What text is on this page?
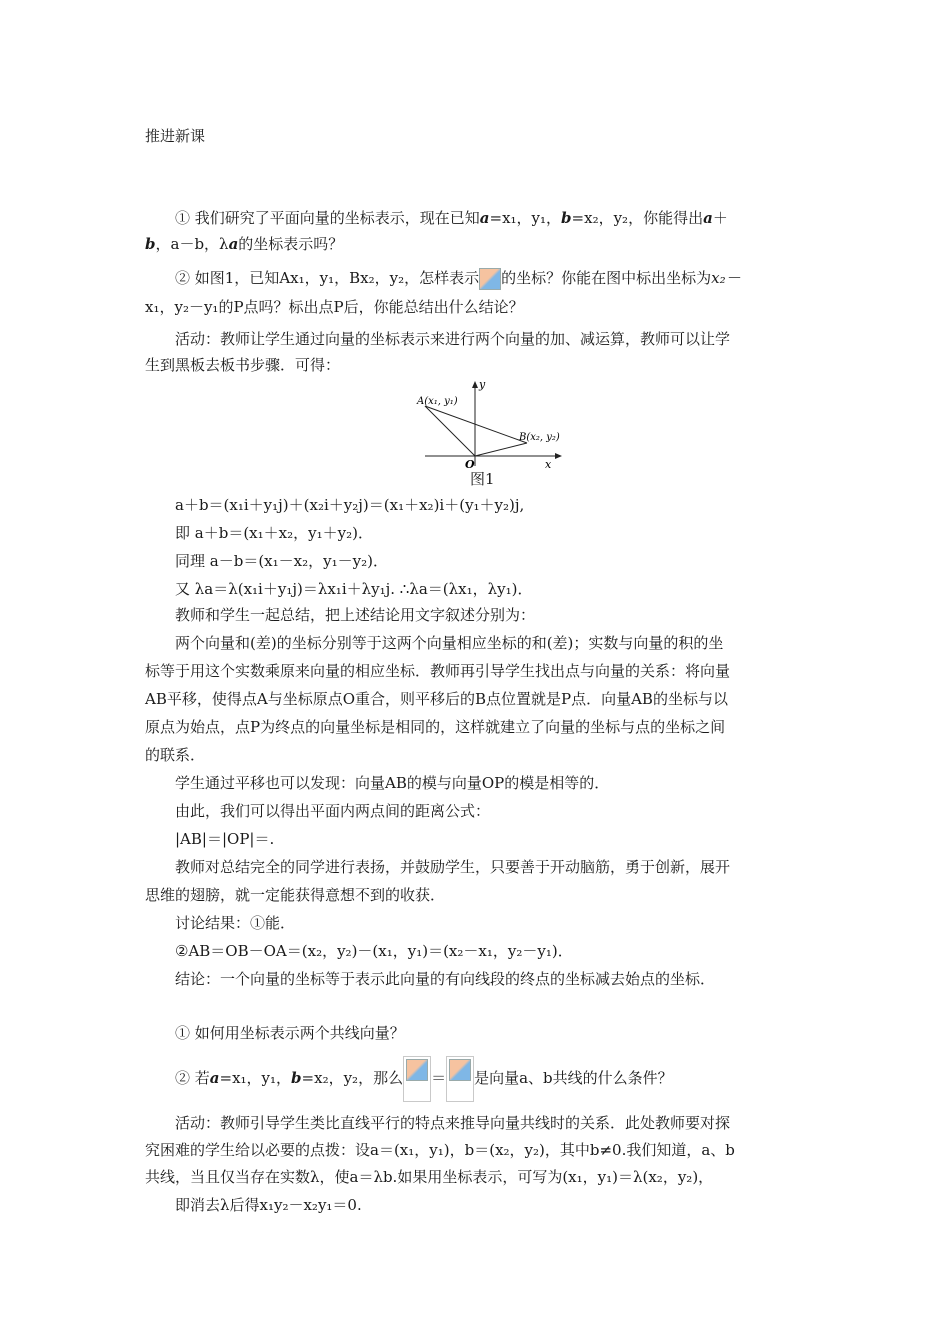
推进新课
① 我们研究了平面向量的坐标表示，现在已知a=x₁，y₁，b=x₂，y₂，你能得出a＋
b，a－b，λa的坐标表示吗？
② 如图1，已知Ax₁，y₁，Bx₂，y₂，怎样表示 的坐标？你能在图中标出坐标为x₂－
x₁，y₂－y₁的P点吗？标出点P后，你能总结出什么结论？
活动：教师让学生通过向量的坐标表示来进行两个向量的加、减运算，教师可以让学
生到黑板去板书步骤．可得：
A(x₁, y₁)
B(x₂, y₂)
O	x
y
图1
a＋b＝(x₁i＋y₁j)＋(x₂i＋y₂j)＝(x₁＋x₂)i＋(y₁＋y₂)j,
即 a＋b＝(x₁＋x₂，y₁＋y₂)．
同理 a－b＝(x₁－x₂，y₁－y₂)．
又 λa＝λ(x₁i＋y₁j)＝λx₁i＋λy₁j. ∴λa＝(λx₁，λy₁)．
教师和学生一起总结，把上述结论用文字叙述分别为：
两个向量和(差)的坐标分别等于这两个向量相应坐标的和(差)；实数与向量的积的坐
标等于用这个实数乘原来向量的相应坐标．教师再引导学生找出点与向量的关系：将向量
AB平移，使得点A与坐标原点O重合，则平移后的B点位置就是P点．向量AB的坐标与以
原点为始点，点P为终点的向量坐标是相同的，这样就建立了向量的坐标与点的坐标之间
的联系．
学生通过平移也可以发现：向量AB的模与向量OP的模是相等的．
由此，我们可以得出平面内两点间的距离公式：
|AB|＝|OP|＝.
教师对总结完全的同学进行表扬，并鼓励学生，只要善于开动脑筋，勇于创新，展开
思维的翅膀，就一定能获得意想不到的收获．
讨论结果：①能．
②AB＝OB－OA＝(x₂，y₂)－(x₁，y₁)＝(x₂－x₁，y₂－y₁)．
结论：一个向量的坐标等于表示此向量的有向线段的终点的坐标减去始点的坐标．
① 如何用坐标表示两个共线向量？
② 若a=x₁，y₁，b=x₂，y₂，那么 ＝ 是向量a、b共线的什么条件？
活动：教师引导学生类比直线平行的特点来推导向量共线时的关系．此处教师要对探
究困难的学生给以必要的点拨：设a＝(x₁，y₁)，b＝(x₂，y₂)，其中b≠0.我们知道，a、b
共线，当且仅当存在实数λ，使a＝λb.如果用坐标表示，可写为(x₁，y₁)＝λ(x₂，y₂)，
即消去λ后得x₁y₂－x₂y₁＝0.
